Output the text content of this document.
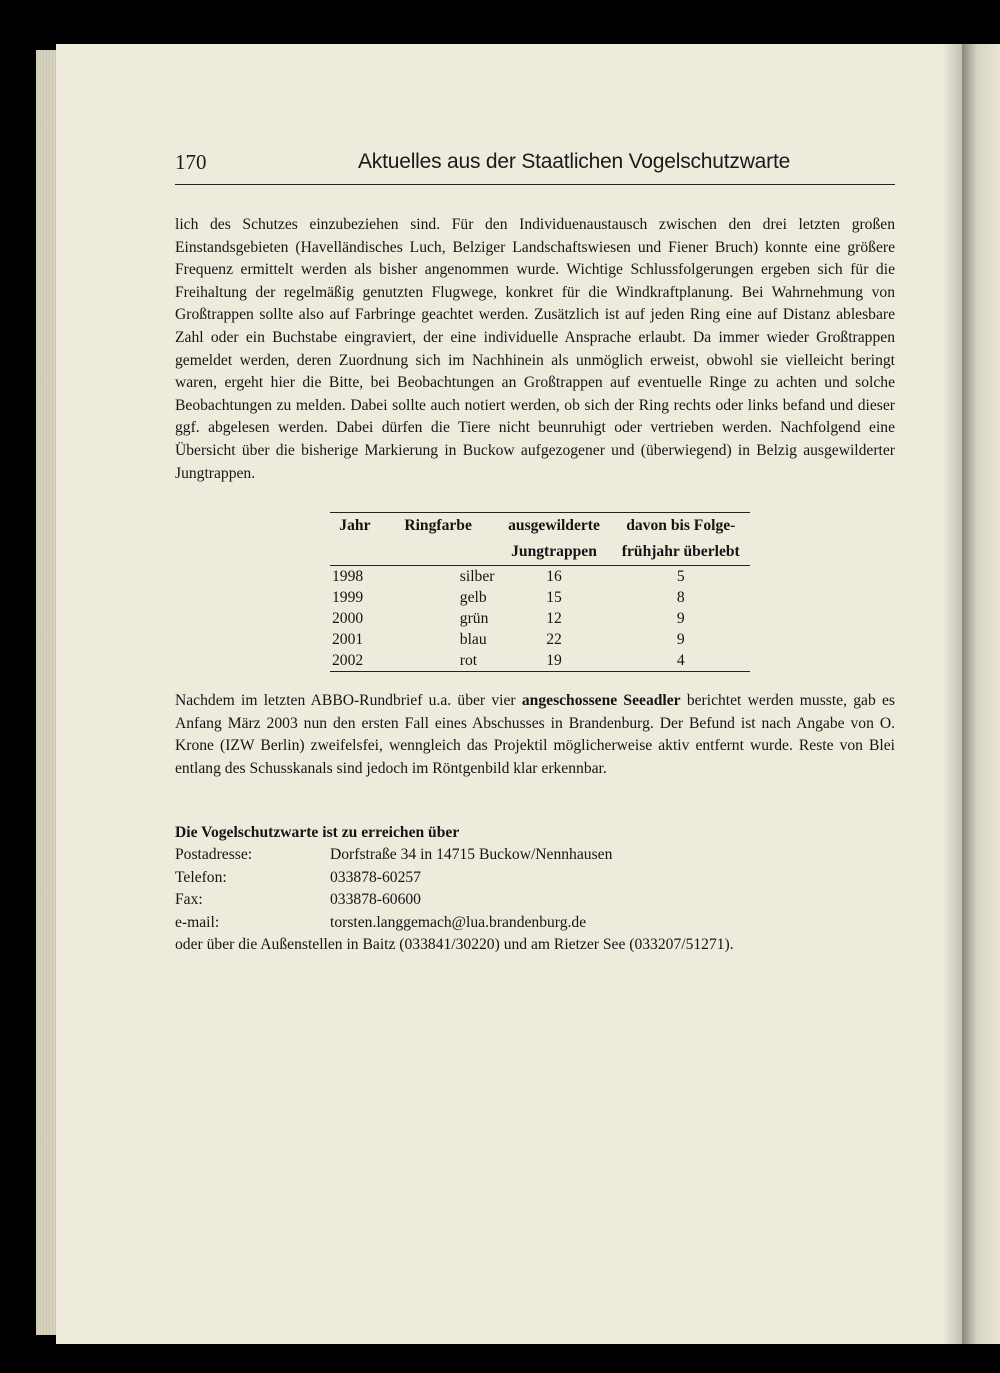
170	Aktuelles aus der Staatlichen Vogelschutzwarte

lich des Schutzes einzubeziehen sind. Für den Individuenaustausch zwischen den drei letzten großen Einstandsgebieten (Havelländisches Luch, Belziger Landschaftswiesen und Fiener Bruch) konnte eine größere Frequenz ermittelt werden als bisher angenommen wurde. Wichtige Schlussfolgerungen ergeben sich für die Freihaltung der regelmäßig genutzten Flugwege, konkret für die Windkraftplanung. Bei Wahrnehmung von Großtrappen sollte also auf Farbringe geachtet werden. Zusätzlich ist auf jeden Ring eine auf Distanz ablesbare Zahl oder ein Buchstabe eingraviert, der eine individuelle Ansprache erlaubt. Da immer wieder Großtrappen gemeldet werden, deren Zuordnung sich im Nachhinein als unmöglich erweist, obwohl sie vielleicht beringt waren, ergeht hier die Bitte, bei Beobachtungen an Großtrappen auf eventuelle Ringe zu achten und solche Beobachtungen zu melden. Dabei sollte auch notiert werden, ob sich der Ring rechts oder links befand und dieser ggf. abgelesen werden. Dabei dürfen die Tiere nicht beunruhigt oder vertrieben werden. Nachfolgend eine Übersicht über die bisherige Markierung in Buckow aufgezogener und (überwiegend) in Belzig ausgewilderter Jungtrappen.

Jahr	Ringfarbe	ausgewilderte	davon bis Folge-
		Jungtrappen	frühjahr überlebt
1998	silber	16	5
1999	gelb	15	8
2000	grün	12	9
2001	blau	22	9
2002	rot	19	4

Nachdem im letzten ABBO-Rundbrief u.a. über vier angeschossene Seeadler berichtet werden musste, gab es Anfang März 2003 nun den ersten Fall eines Abschusses in Brandenburg. Der Befund ist nach Angabe von O. Krone (IZW Berlin) zweifelsfei, wenngleich das Projektil möglicherweise aktiv entfernt wurde. Reste von Blei entlang des Schusskanals sind jedoch im Röntgenbild klar erkennbar.

Die Vogelschutzwarte ist zu erreichen über
Postadresse:	Dorfstraße 34 in 14715 Buckow/Nennhausen
Telefon:	033878-60257
Fax:	033878-60600
e-mail:	torsten.langgemach@lua.brandenburg.de
oder über die Außenstellen in Baitz (033841/30220) und am Rietzer See (033207/51271).
